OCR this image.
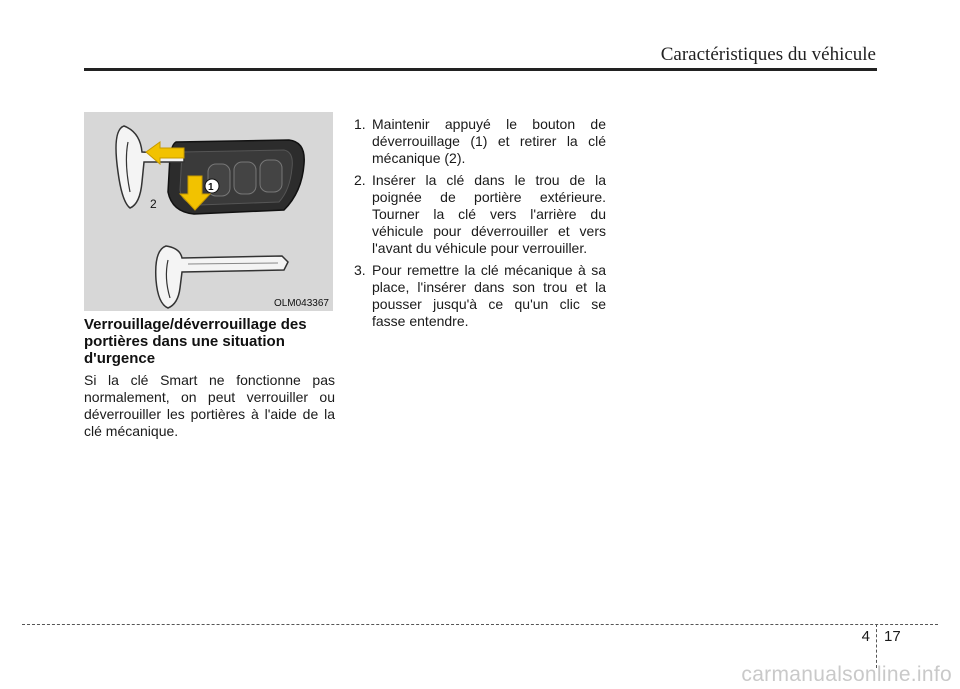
Caractéristiques du véhicule
1
2
OLM043367
Verrouillage/déverrouillage des portières dans une situation d'urgence
Si la clé Smart ne fonctionne pas normalement, on peut verrouiller ou déverrouiller les portières à l'aide de la clé mécanique.
1. Maintenir appuyé le bouton de déverrouillage (1) et retirer la clé mécanique (2).
2. Insérer la clé dans le trou de la poignée de portière extérieure. Tourner la clé vers l'arrière du véhicule pour déverrouiller et vers l'avant du véhicule pour verrouiller.
3. Pour remettre la clé mécanique à sa place, l'insérer dans son trou et la pousser jusqu'à ce qu'un clic se fasse entendre.
4 17
carmanualsonline.info
